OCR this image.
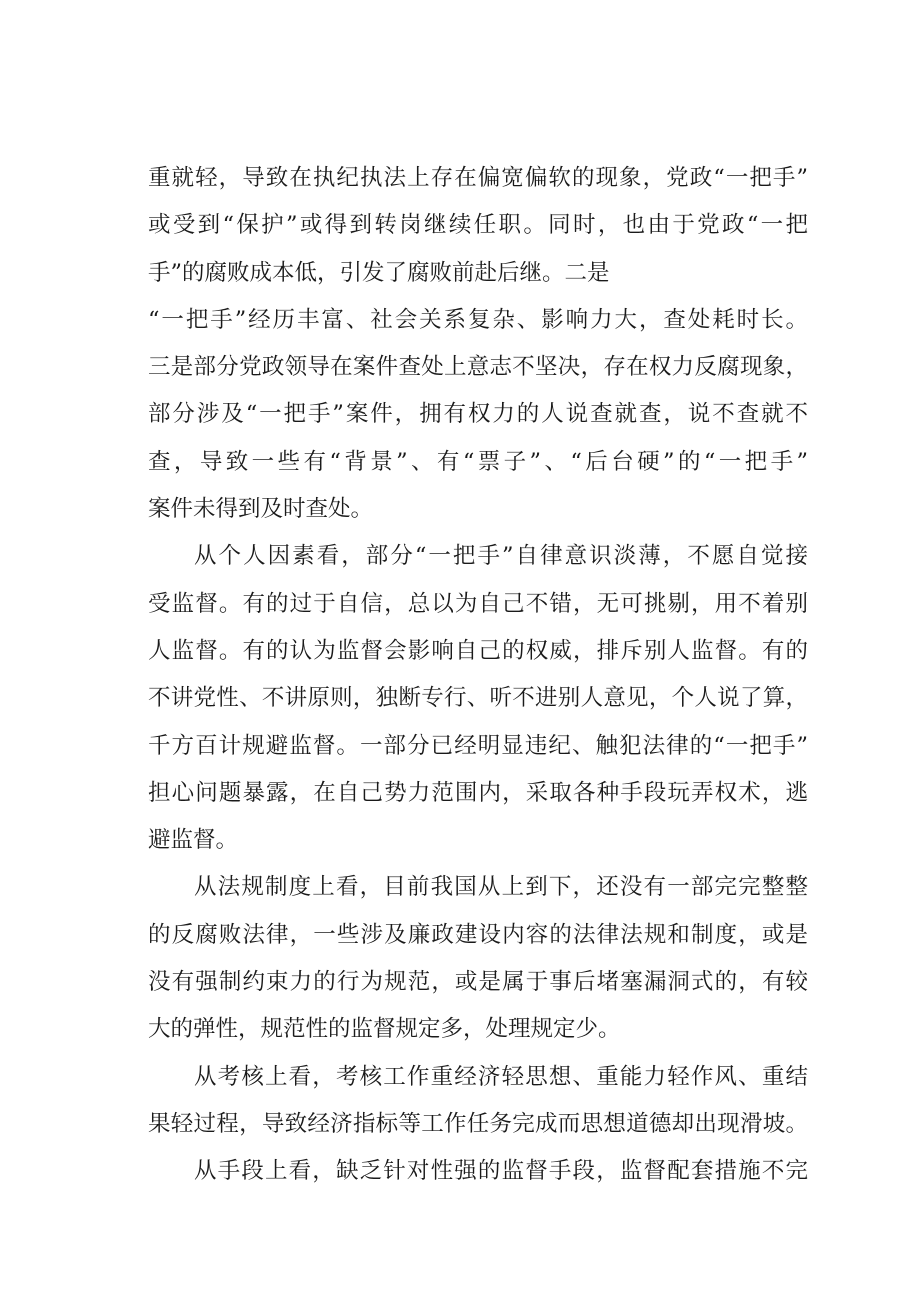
重就轻，导致在执纪执法上存在偏宽偏软的现象，党政“一把手”
或受到“保护”或得到转岗继续任职。同时，也由于党政“一把
手”的腐败成本低，引发了腐败前赴后继。二是
“一把手”经历丰富、社会关系复杂、影响力大，查处耗时长。
三是部分党政领导在案件查处上意志不坚决，存在权力反腐现象，
部分涉及“一把手”案件，拥有权力的人说查就查，说不查就不
查，导致一些有“背景”、有“票子”、“后台硬”的“一把手”
案件未得到及时查处。
从个人因素看，部分“一把手”自律意识淡薄，不愿自觉接
受监督。有的过于自信，总以为自己不错，无可挑剔，用不着别
人监督。有的认为监督会影响自己的权威，排斥别人监督。有的
不讲党性、不讲原则，独断专行、听不进别人意见，个人说了算，
千方百计规避监督。一部分已经明显违纪、触犯法律的“一把手”
担心问题暴露，在自己势力范围内，采取各种手段玩弄权术，逃
避监督。
从法规制度上看，目前我国从上到下，还没有一部完完整整
的反腐败法律，一些涉及廉政建设内容的法律法规和制度，或是
没有强制约束力的行为规范，或是属于事后堵塞漏洞式的，有较
大的弹性，规范性的监督规定多，处理规定少。
从考核上看，考核工作重经济轻思想、重能力轻作风、重结
果轻过程，导致经济指标等工作任务完成而思想道德却出现滑坡。
从手段上看，缺乏针对性强的监督手段，监督配套措施不完
